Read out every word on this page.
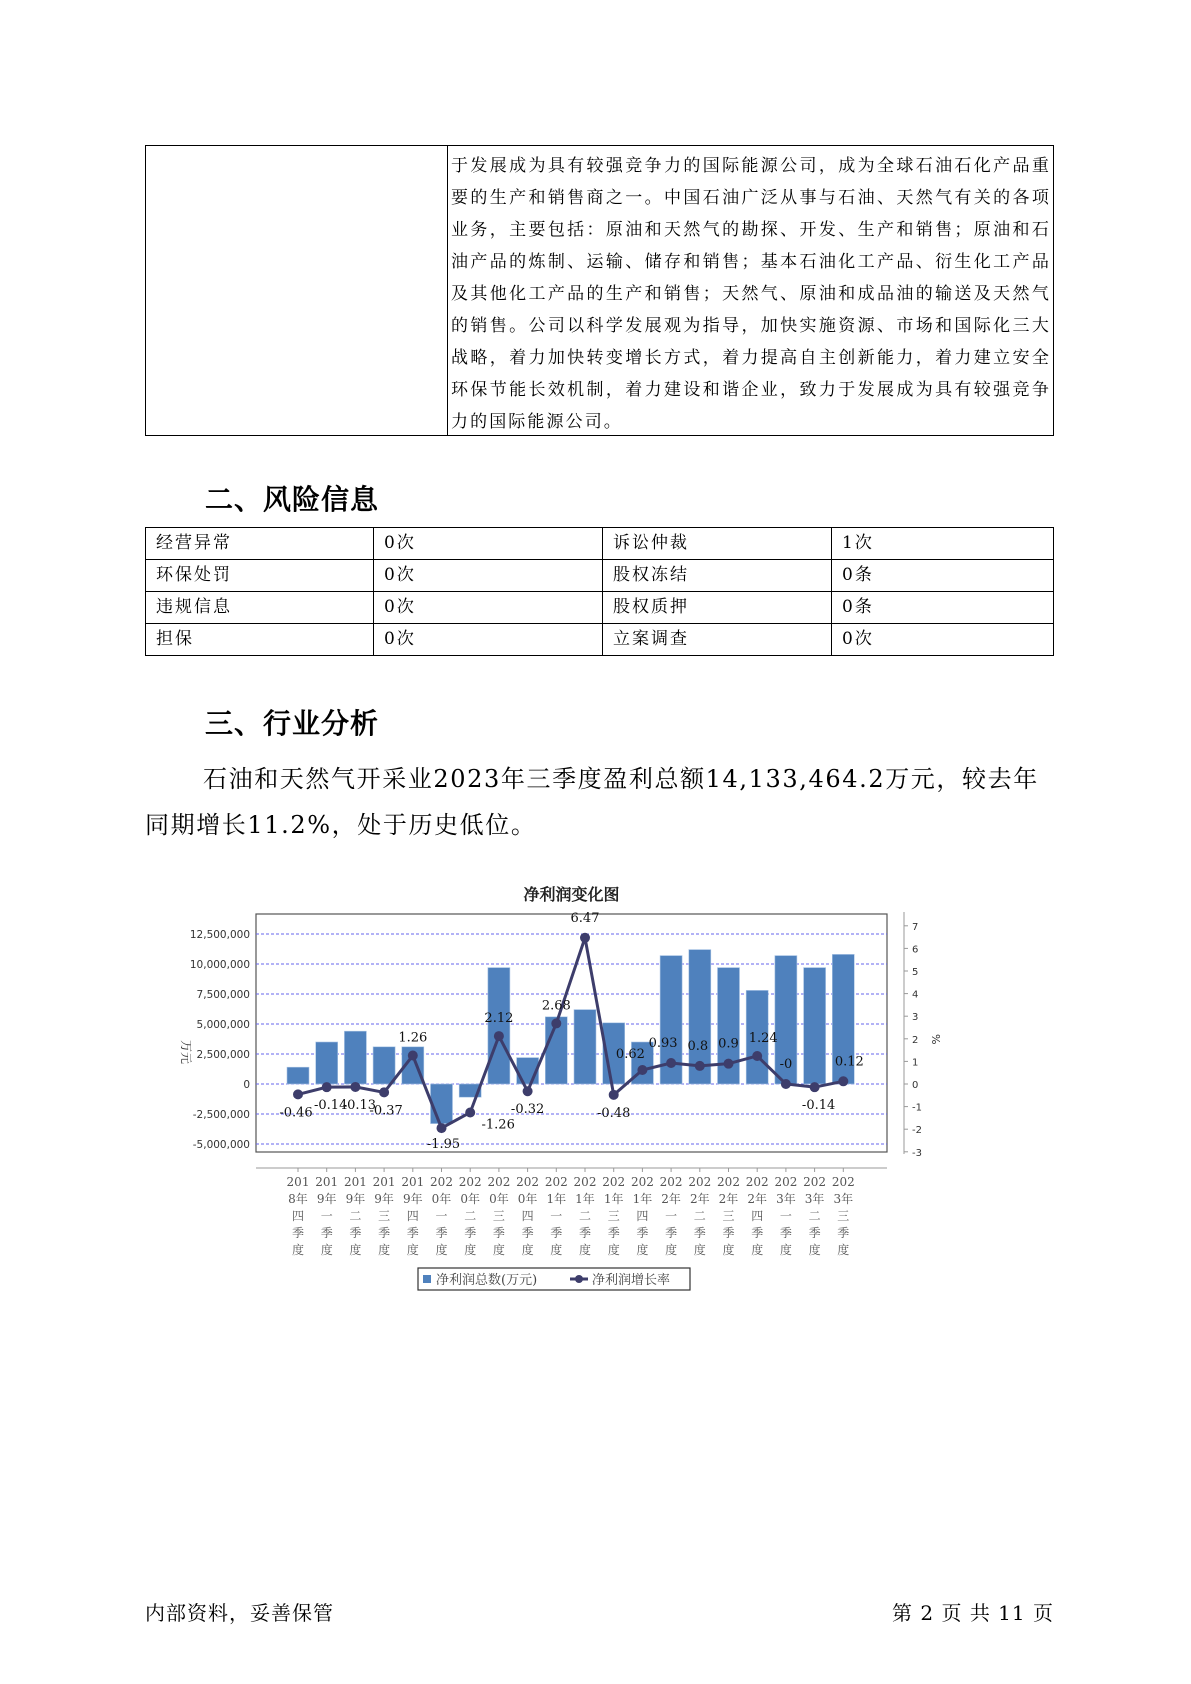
于发展成为具有较强竞争力的国际能源公司，成为全球石油石化产品重要的生产和销售商之一。中国石油广泛从事与石油、天然气有关的各项业务，主要包括：原油和天然气的勘探、开发、生产和销售；原油和石油产品的炼制、运输、储存和销售；基本石油化工产品、衍生化工产品及其他化工产品的生产和销售；天然气、原油和成品油的输送及天然气的销售。公司以科学发展观为指导，加快实施资源、市场和国际化三大战略，着力加快转变增长方式，着力提高自主创新能力，着力建立安全环保节能长效机制，着力建设和谐企业，致力于发展成为具有较强竞争力的国际能源公司。
二、风险信息
经营异常	0次	诉讼仲裁	1次
环保处罚	0次	股权冻结	0条
违规信息	0次	股权质押	0条
担保	0次	立案调查	0次
三、行业分析
石油和天然气开采业2023年三季度盈利总额14,133,464.2万元，较去年同期增长11.2%，处于历史低位。
净利润变化图
12,500,000
10,000,000
7,500,000
5,000,000
2,500,000
0
-2,500,000
-5,000,000
万元
7
6
5
4
3
2
1
0
-1
-2
-3
%
-0.46 -0.14
-0.13
-0.37
1.26
-1.95
-1.26
2.12
-0.32
2.68
6.47
-0.48
0.62
0.93 0.8 0.9 1.24
-0
-0.14
0.12
201
8年
四
季
度
201
9年
一
季
度
201
9年
二
季
度
201
9年
三
季
度
201
9年
四
季
度
202
0年
一
季
度
202
0年
二
季
度
202
0年
三
季
度
202
0年
四
季
度
202
1年
一
季
度
202
1年
二
季
度
202
1年
三
季
度
202
1年
四
季
度
202
2年
一
季
度
202
2年
二
季
度
202
2年
三
季
度
202
2年
四
季
度
202
3年
一
季
度
202
3年
二
季
度
202
3年
三
季
度
净利润总数(万元)	净利润增长率
内部资料，妥善保管	第 2 页 共 11 页
